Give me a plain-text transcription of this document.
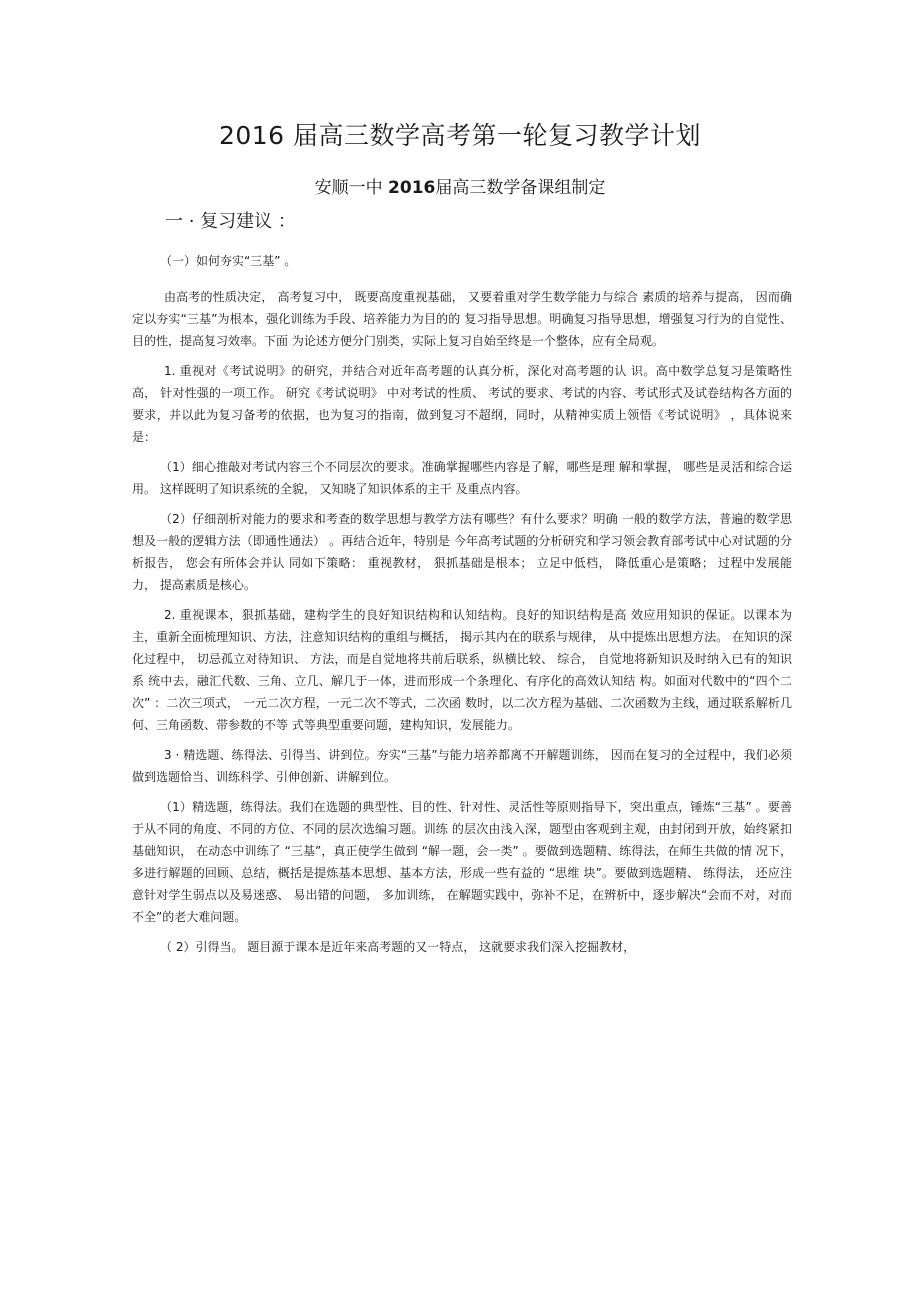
2016 届高三数学高考第一轮复习教学计划
安顺一中 2016届高三数学备课组制定
一 · 复习建议 ：

（一）如何夯实“三基” 。

由高考的性质决定， 高考复习中， 既要高度重视基础， 又要着重对学生数学能力与综合 素质的培养与提高， 因而确定以夯实“三基”为根本，强化训练为手段、培养能力为目的的 复习指导思想。明确复习指导思想，增强复习行为的自觉性、目的性，提高复习效率。下面 为论述方便分门别类，实际上复习自始至终是一个整体，应有全局观。

1. 重视对《考试说明》的研究，并结合对近年高考题的认真分析，深化对高考题的认 识。高中数学总复习是策略性高， 针对性强的一项工作。 研究《考试说明》 中对考试的性质、 考试的要求、考试的内容、考试形式及试卷结构各方面的要求，并以此为复习备考的依据，也为复习的指南，做到复习不超纲，同时，从精神实质上领悟《考试说明》 ，具体说来是：

（1）细心推敲对考试内容三个不同层次的要求。准确掌握哪些内容是了解，哪些是理 解和掌握， 哪些是灵活和综合运用。 这样既明了知识系统的全貌， 又知晓了知识体系的主干 及重点内容。

（2）仔细剖析对能力的要求和考查的数学思想与教学方法有哪些？有什么要求？明确 一般的数学方法，普遍的数学思想及一般的逻辑方法（即通性通法） 。再结合近年，特别是 今年高考试题的分析研究和学习领会教育部考试中心对试题的分析报告， 您会有所体会并认 同如下策略： 重视教材， 狠抓基础是根本； 立足中低档， 降低重心是策略； 过程中发展能力， 提高素质是核心。

2. 重视课本，狠抓基础，建构学生的良好知识结构和认知结构。良好的知识结构是高 效应用知识的保证。以课本为主，重新全面梳理知识、方法，注意知识结构的重组与概括， 揭示其内在的联系与规律， 从中提炼出思想方法。 在知识的深化过程中， 切忌孤立对待知识、 方法，而是自觉地将共前后联系，纵横比较、 综合， 自觉地将新知识及时纳入已有的知识系 统中去，融汇代数、三角、立几、解几于一体，进而形成一个条理化、有序化的高效认知结 构。如面对代数中的“四个二次” ：二次三项式， 一元二次方程，一元二次不等式，二次函 数时，以二次方程为基础、二次函数为主线，通过联系解析几何、三角函数、带参数的不等 式等典型重要问题，建构知识，发展能力。

3 · 精选题、练得法、引得当、讲到位。夯实“三基”与能力培养都离不开解题训练， 因而在复习的全过程中，我们必须做到选题恰当、训练科学、引伸创新、讲解到位。

（1）精选题，练得法。我们在选题的典型性、目的性、针对性、灵活性等原则指导下，突出重点，锤炼“三基” 。要善于从不同的角度、不同的方位、不同的层次选编习题。训练 的层次由浅入深，题型由客观到主观，由封闭到开放，始终紧扣基础知识， 在动态中训练了 “三基”，真正使学生做到 “解一题，会一类” 。要做到选题精、练得法，在师生共做的情 况下，多进行解题的回顾、总结，概括是提炼基本思想、基本方法，形成一些有益的 “思维 块”。要做到选题精、 练得法， 还应注意针对学生弱点以及易迷惑、 易出错的问题， 多加训练， 在解题实践中，弥补不足，在辨析中，逐步解决“会而不对，对而不全”的老大难问题。

（ 2）引得当。 题目源于课本是近年来高考题的又一特点， 这就要求我们深入挖掘教材，
